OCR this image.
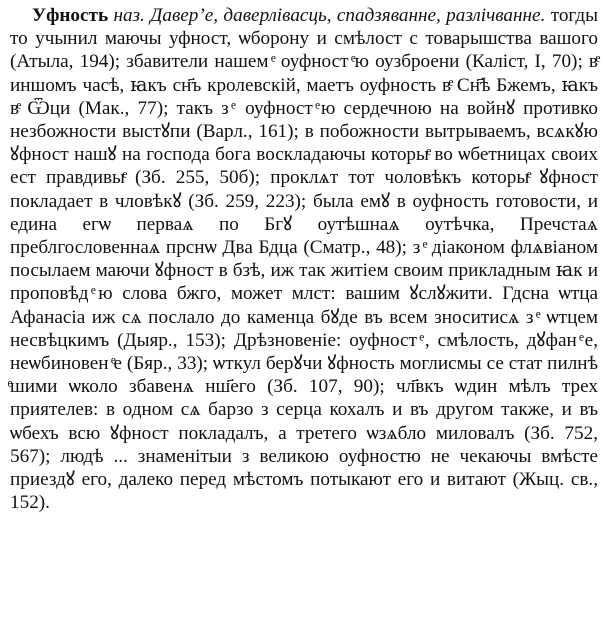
Уфность наз. Давер’е, даверлівасць, спадзяванне, разлічванне. тогды то учынил маючы уфност, ѡборону и смѣлост с товарышства вашого (Атыла, 194); збавители нашем ͤ оуфност ͤю оузброени (Каліст, І, 70); вͤ иншомъ часѣ, ꙗкъ сн҃ъ кролевскій, маетъ оуфность вͤ Сн҃ѣ Бжемъ, ꙗкъ вͤ Ѿци (Мак., 77); такъ з ͤ оуфност ͤю сердечною на войнꙋ противко незбожности выстꙋпи (Варл., 161); в побожности вытрываемъ, всѧкꙋю ꙋфност нашꙋ на господа бога воскладаючы которыͤ во ѡбетницах своих ест правдивыͤ (Зб. 255, 50б); проклѧт тот чоловѣкъ которыͤ ꙋфност покладает в чловѣкꙋ (Зб. 259, 223); была емꙋ в оуфность готовости, и едина егѡ перваѧ по Бгꙋ оутѣшнаѧ оутѣчка, Пречстаѧ преблгословеннаѧ прснѡ Два Бдца (Сматр., 48); з ͤ діаконом флѧвіаном посылаем маючи ꙋфност в бзѣ, иж так житіем своим прикладным ꙗк и проповѣд ͤю слова бжго, может млст: вашим ꙋслꙋжити. Гдсна ѡтца Афанасіа иж сѧ послало до каменца бꙋде въ всем зноситисѧ з ͤ ѡтцем несвѣцкимъ (Дыяр., 153); Дрѣзновеніе: оуфност ͤ, смѣлость, дꙋфан ͤе, неѡбиновен ͤе (Бяр., 33); ѡткул берꙋчи ꙋфность моглисмы се стат пилнѣ ͤшими ѡколо збавенѧ нш҃его (Зб. 107, 90); чл҃вкъ ѡдин мѣлъ трех приятелев: в одном сѧ барзо з серца кохалъ и въ другом также, и въ ѡбехъ всю ꙋфност покладалъ, а третего ѡзѧбло миловалъ (Зб. 752, 567); людѣ ... знаменітыи з великою оуфностю не чекаючы вмѣсте приездꙋ его, далеко перед мѣстомъ потыкают его и витают (Жыц. св., 152).
